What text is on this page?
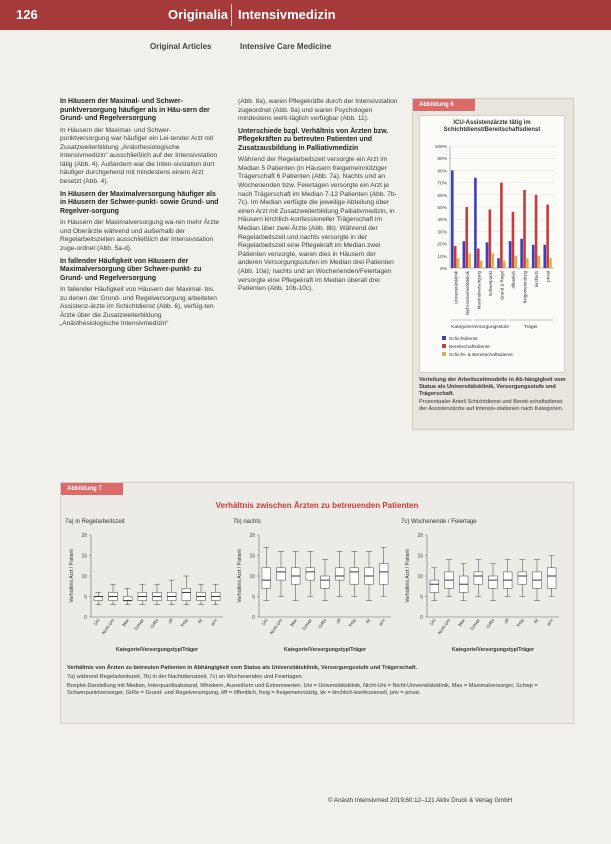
126	Originalia Intensivmedizin
Original Articles	Intensive Care Medicine
In Häusern der Maximal- und Schwer-punktversorgung häufiger als in Häu-sern der Grund- und Regelversorgung

In Häusern der Maximal- und Schwer-punktversorgung war häufiger ein Lei-tender Arzt mit Zusatzweiterbildung „Anästhesiologische Intensivmedizin“ ausschließlich auf der Intensivstation tätig (Abb. 4). Außerdem war die Inten-sivstation dort häufiger durchgehend mit mindestens einem Arzt besetzt (Abb. 4).

In Häusern der Maximalversorgung häufiger als in Häusern der Schwer-punkt- sowie Grund- und Regelver-sorgung

In Häusern der Maximalversorgung wa-ren mehr Ärzte und Oberärzte während und außerhalb der Regelarbeitszeiten ausschließlich der Intensivstation zuge-ordnet (Abb. 5a-d).

In fallender Häufigkeit von Häusern der Maximalversorgung über Schwer-punkt- zu Grund- und Regelversorgung

In fallender Häufigkeit von Häusern der Maximal- bis zu denen der Grund- und Regelversorgung arbeiteten Assistenz-ärzte im Schichtdienst (Abb. 6), verfüg-ten Ärzte über die Zusatzweiterbildung „Anästhesiologische Intensivmedizin“

(Abb. 8a), waren Pflegekräfte durch der Intensivstation zugeordnet (Abb. 9a) und waren Psychologen mindestens werk-täglich verfügbar (Abb. 11).

Unterschiede bzgl. Verhältnis von Ärzten bzw. Pflegekräften zu betreuten Patienten und Zusatzausbildung in Palliativmedizin

Während der Regelarbeitszeit versorgte ein Arzt im Median 5 Patienten (in Häusern freigemeinnütziger Trägerschaft 6 Patienten (Abb. 7a). Nachts und an Wochenenden bzw. Feiertagen versorgte ein Arzt je nach Trägerschaft im Median 7-12 Patienten (Abb. 7b-7c). Im Median verfügte die jeweilige Abteilung über einen Arzt mit Zusatzweiterbildung Palliativmedizin, in Häusern kirchlich-konfessioneller Trägerschaft im Median über zwei Ärzte (Abb. 8b). Während der Regelarbeitszeit und nachts versorgte in der Regelarbeitszeit eine Pflegekraft im Median zwei Patienten versorgte, waren dies in Häusern der anderen Versorgungsstufen im Median drei Patienten (Abb. 10a); nachts und an Wochenenden/Feiertagen versorgte eine Pflegekraft im Median überall drei Patienten (Abb. 10b-10c).

Abbildung 6
ICU-Assistenzärzte tätig im Schichtdienst/Bereitschaftsdienst
0%
10%
20%
30%
40%
50%
60%
70%
80%
90%
100%
Universitätsklinik Nicht-Universitätsklinik Maximalversorgung Schwerpunkt Grund & Regel öffentlich freigemeinnützig kirchlich privat
Kategorie Versorgungsstufe	Träger
Schichtdienst
Bereitschaftsdienst
Schicht- & Bereitschaftsdienst
Verteilung der Arbeitszeitmodelle in Ab-hängigkeit vom Status als Universitätsklinik, Versorgungsstufe und Trägerschaft.
Prozentualer Anteil Schichtdienst und Bereit-schaftsdienst der Assistenzärzte auf Intensiv-stationen nach Kategorien.
Abbildung 7
Verhältnis zwischen Ärzten zu betreuenden Patienten
7a) in Regelarbeitszeit
0
5
10
15
20
Verhältnis Arzt / Patient
Uni Nicht-Uni Max Schwp GrRe öff freig kk priv
Kategorie/Versorgungstyp/Träger
7b) nachts
0
5
10
15
20
Verhältnis Arzt / Patient
Uni Nicht-Uni Max Schwp GrRe öff freig kk priv
Kategorie/Versorgungstyp/Träger
7c) Wochenende / Feiertage
0
5
10
15
20
Verhältnis Arzt / Patient
Uni Nicht-Uni Max Schwp GrRe öff freig kk priv
Kategorie/Versorgungstyp/Träger

Verhältnis von Ärzten zu betreuten Patienten in Abhängigkeit vom Status als Universitätsklinik, Versorgungsstufe und Trägerschaft.

7a) während Regelarbeitszeit, 7b) in der Nachtdienstzeit, 7c) an Wochenenden und Feiertagen.

Boxplot-Darstellung mit Median, Interquartilsabstand, Whiskern, Ausreißern und Extremwerten. Uni = Universitätsklinik, Nicht-Uni = Nicht-Universitätsklinik, Max = Maximalversorger, Schwp = Schwerpunktversorger, GrRe = Grund- und Regelversorgung, öff = öffentlich, freig = freigemeinnützig, kk = kirchlich-konfessionell, priv = privat.

© Anästh Intensivmed 2019;60:12–121 Aktiv Druck & Verlag GmbH
